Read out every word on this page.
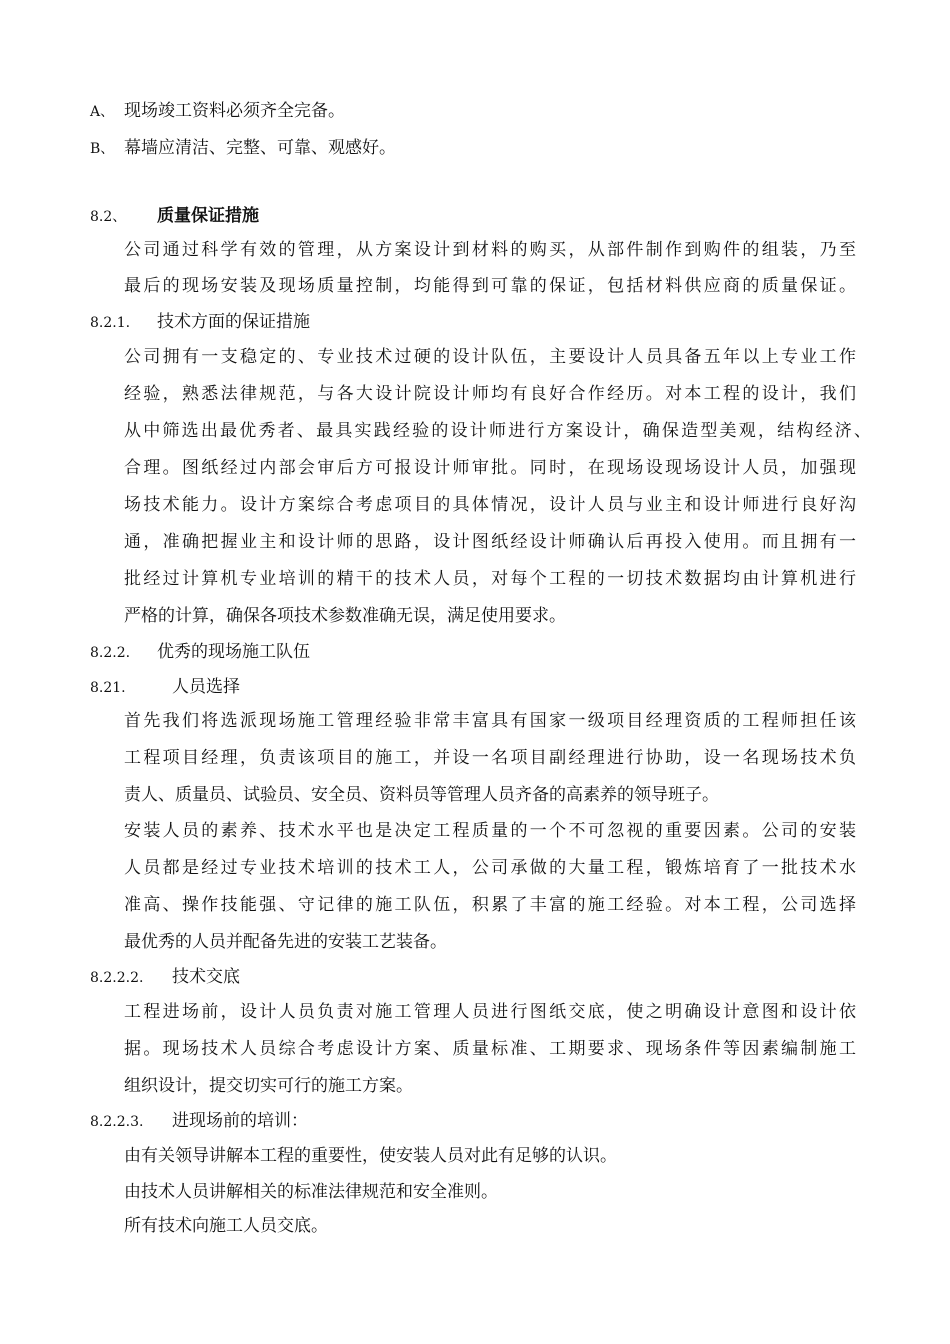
A、 现场竣工资料必须齐全完备。

B、 幕墙应清洁、完整、可靠、观感好。

8.2、 质量保证措施

公司通过科学有效的管理，从方案设计到材料的购买，从部件制作到购件的组装，乃至

最后的现场安装及现场质量控制，均能得到可靠的保证，包括材料供应商的质量保证。

8.2.1. 技术方面的保证措施

公司拥有一支稳定的、专业技术过硬的设计队伍，主要设计人员具备五年以上专业工作

经验，熟悉法律规范，与各大设计院设计师均有良好合作经历。对本工程的设计，我们

从中筛选出最优秀者、最具实践经验的设计师进行方案设计，确保造型美观，结构经济、

合理。图纸经过内部会审后方可报设计师审批。同时，在现场设现场设计人员，加强现

场技术能力。设计方案综合考虑项目的具体情况，设计人员与业主和设计师进行良好沟

通，准确把握业主和设计师的思路，设计图纸经设计师确认后再投入使用。而且拥有一

批经过计算机专业培训的精干的技术人员，对每个工程的一切技术数据均由计算机进行

严格的计算，确保各项技术参数准确无误，满足使用要求。

8.2.2. 优秀的现场施工队伍

8.21.	人员选择

首先我们将选派现场施工管理经验非常丰富具有国家一级项目经理资质的工程师担任该

工程项目经理，负责该项目的施工，并设一名项目副经理进行协助，设一名现场技术负

责人、质量员、试验员、安全员、资料员等管理人员齐备的高素养的领导班子。

安装人员的素养、技术水平也是决定工程质量的一个不可忽视的重要因素。公司的安装

人员都是经过专业技术培训的技术工人，公司承做的大量工程，锻炼培育了一批技术水

准高、操作技能强、守记律的施工队伍，积累了丰富的施工经验。对本工程，公司选择

最优秀的人员并配备先进的安装工艺装备。

8.2.2.2. 技术交底

工程进场前，设计人员负责对施工管理人员进行图纸交底，使之明确设计意图和设计依

据。现场技术人员综合考虑设计方案、质量标准、工期要求、现场条件等因素编制施工

组织设计，提交切实可行的施工方案。

8.2.2.3. 进现场前的培训：

由有关领导讲解本工程的重要性，使安装人员对此有足够的认识。

由技术人员讲解相关的标准法律规范和安全准则。

所有技术向施工人员交底。
